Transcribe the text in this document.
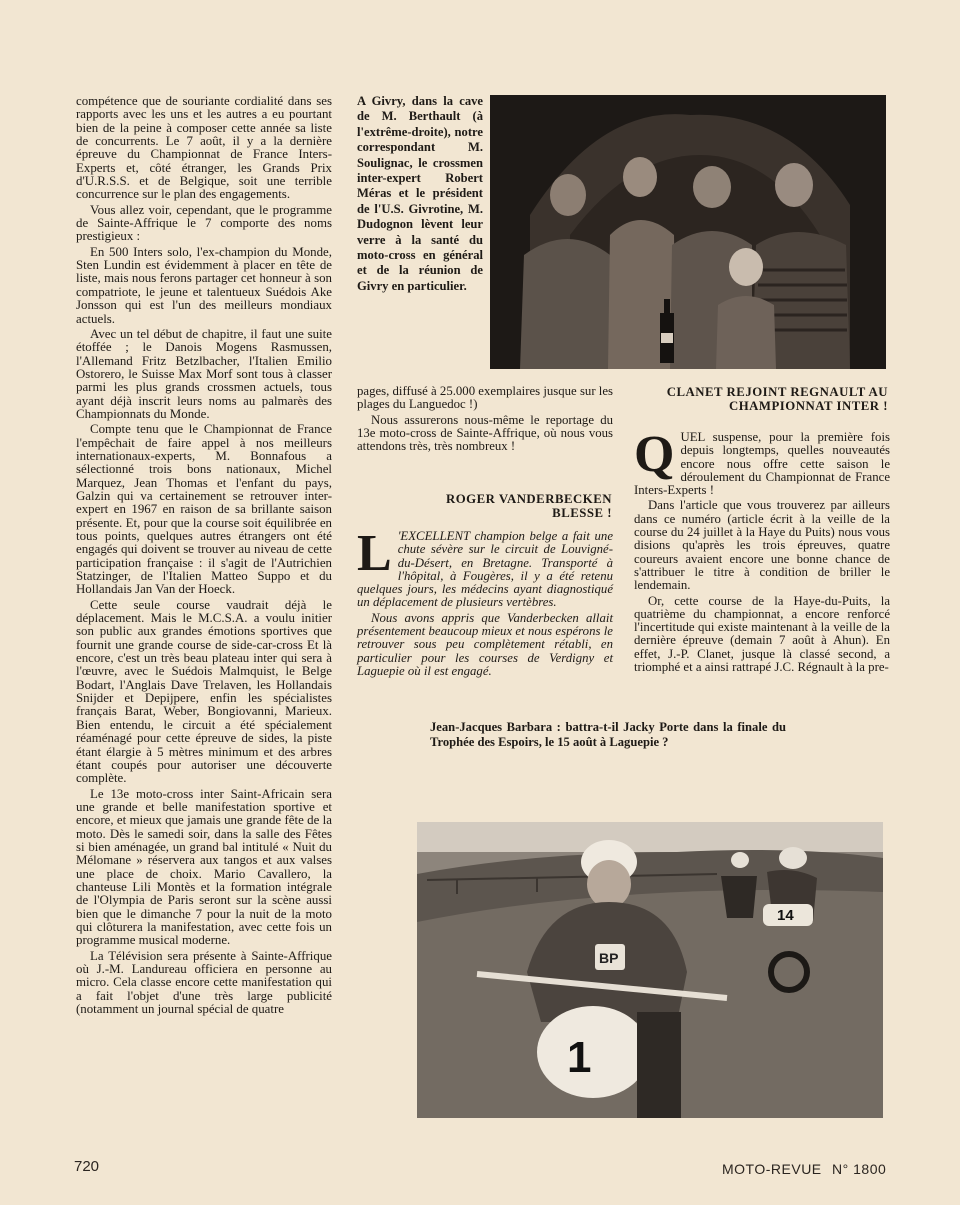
compétence que de souriante cordialité dans ses rapports avec les uns et les autres a eu pourtant bien de la peine à composer cette année sa liste de concurrents. Le 7 août, il y a la dernière épreuve du Championnat de France Inters-Experts et, côté étranger, les Grands Prix d'U.R.S.S. et de Belgique, soit une terrible concurrence sur le plan des engagements.

Vous allez voir, cependant, que le programme de Sainte-Affrique le 7 comporte des noms prestigieux :

En 500 Inters solo, l'ex-champion du Monde, Sten Lundin est évidemment à placer en tête de liste, mais nous ferons partager cet honneur à son compatriote, le jeune et talentueux Suédois Ake Jonsson qui est l'un des meilleurs mondiaux actuels.

Avec un tel début de chapitre, il faut une suite étoffée ; le Danois Mogens Rasmussen, l'Allemand Fritz Betzlbacher, l'Italien Emilio Ostorero, le Suisse Max Morf sont tous à classer parmi les plus grands crossmen actuels, tous ayant déjà inscrit leurs noms au palmarès des Championnats du Monde.

Compte tenu que le Championnat de France l'empêchait de faire appel à nos meilleurs internationaux-experts, M. Bonnafous a sélectionné trois bons nationaux, Michel Marquez, Jean Thomas et l'enfant du pays, Galzin qui va certainement se retrouver inter-expert en 1967 en raison de sa brillante saison présente. Et, pour que la course soit équilibrée en tous points, quelques autres étrangers ont été engagés qui doivent se trouver au niveau de cette participation française : il s'agit de l'Autrichien Statzinger, de l'Italien Matteo Suppo et du Hollandais Jan Van der Hoeck.

Cette seule course vaudrait déjà le déplacement. Mais le M.C.S.A. a voulu initier son public aux grandes émotions sportives que fournit une grande course de side-car-cross Et là encore, c'est un très beau plateau inter qui sera à l'œuvre, avec le Suédois Malmquist, le Belge Bodart, l'Anglais Dave Trelaven, les Hollandais Snijder et Depijpere, enfin les spécialistes français Barat, Weber, Bongiovanni, Marieux. Bien entendu, le circuit a été spécialement réaménagé pour cette épreuve de sides, la piste étant élargie à 5 mètres minimum et des arbres étant coupés pour autoriser une découverte complète.

Le 13e moto-cross inter Saint-Africain sera une grande et belle manifestation sportive et encore, et mieux que jamais une grande fête de la moto. Dès le samedi soir, dans la salle des Fêtes si bien aménagée, un grand bal intitulé « Nuit du Mélomane » réservera aux tangos et aux valses une place de choix. Mario Cavallero, la chanteuse Lili Montès et la formation intégrale de l'Olympia de Paris seront sur la scène aussi bien que le dimanche 7 pour la nuit de la moto qui clôturera la manifestation, avec cette fois un programme musical moderne.

La Télévision sera présente à Sainte-Affrique où J.-M. Landureau officiera en personne au micro. Cela classe encore cette manifestation qui a fait l'objet d'une très large publicité (notamment un journal spécial de quatre

A Givry, dans la cave de M. Berthault (à l'extrême-droite), notre correspondant M. Soulignac, le crossmen inter-expert Robert Méras et le président de l'U.S. Givrotine, M. Dudognon lèvent leur verre à la santé du moto-cross en général et de la réunion de Givry en particulier.
CLANET REJOINT REGNAULT AU CHAMPIONNAT INTER !

pages, diffusé à 25.000 exemplaires jusque sur les plages du Languedoc !)

Nous assurerons nous-même le reportage du 13e moto-cross de Sainte-Affrique, où nous vous attendons très, très nombreux !

ROGER VANDERBECKEN BLESSE !

L 'EXCELLENT champion belge a fait une chute sévère sur le circuit de Louvigné-du-Désert, en Bretagne. Transporté à l'hôpital, à Fougères, il y a été retenu quelques jours, les médecins ayant diagnostiqué un déplacement de plusieurs vertèbres.

Nous avons appris que Vanderbecken allait présentement beaucoup mieux et nous espérons le retrouver sous peu complètement rétabli, en particulier pour les courses de Verdigny et Laguepie où il est engagé.

QUEL suspense, pour la première fois depuis longtemps, quelles nouveautés encore nous offre cette saison le déroulement du Championnat de France Inters-Experts !

Dans l'article que vous trouverez par ailleurs dans ce numéro (article écrit à la veille de la course du 24 juillet à la Haye du Puits) nous vous disions qu'après les trois épreuves, quatre coureurs avaient encore une bonne chance de s'attribuer le titre à condition de briller le lendemain.

Or, cette course de la Haye-du-Puits, la quatrième du championnat, a encore renforcé l'incertitude qui existe maintenant à la veille de la dernière épreuve (demain 7 août à Ahun). En effet, J.-P. Clanet, jusque là classé second, a triomphé et a ainsi rattrapé J.C. Régnault à la pre-

Jean-Jacques Barbara : battra-t-il Jacky Porte dans la finale du Trophée des Espoirs, le 15 août à Laguepie ?
14
BP
1
720	MOTO-REVUE N° 1800
